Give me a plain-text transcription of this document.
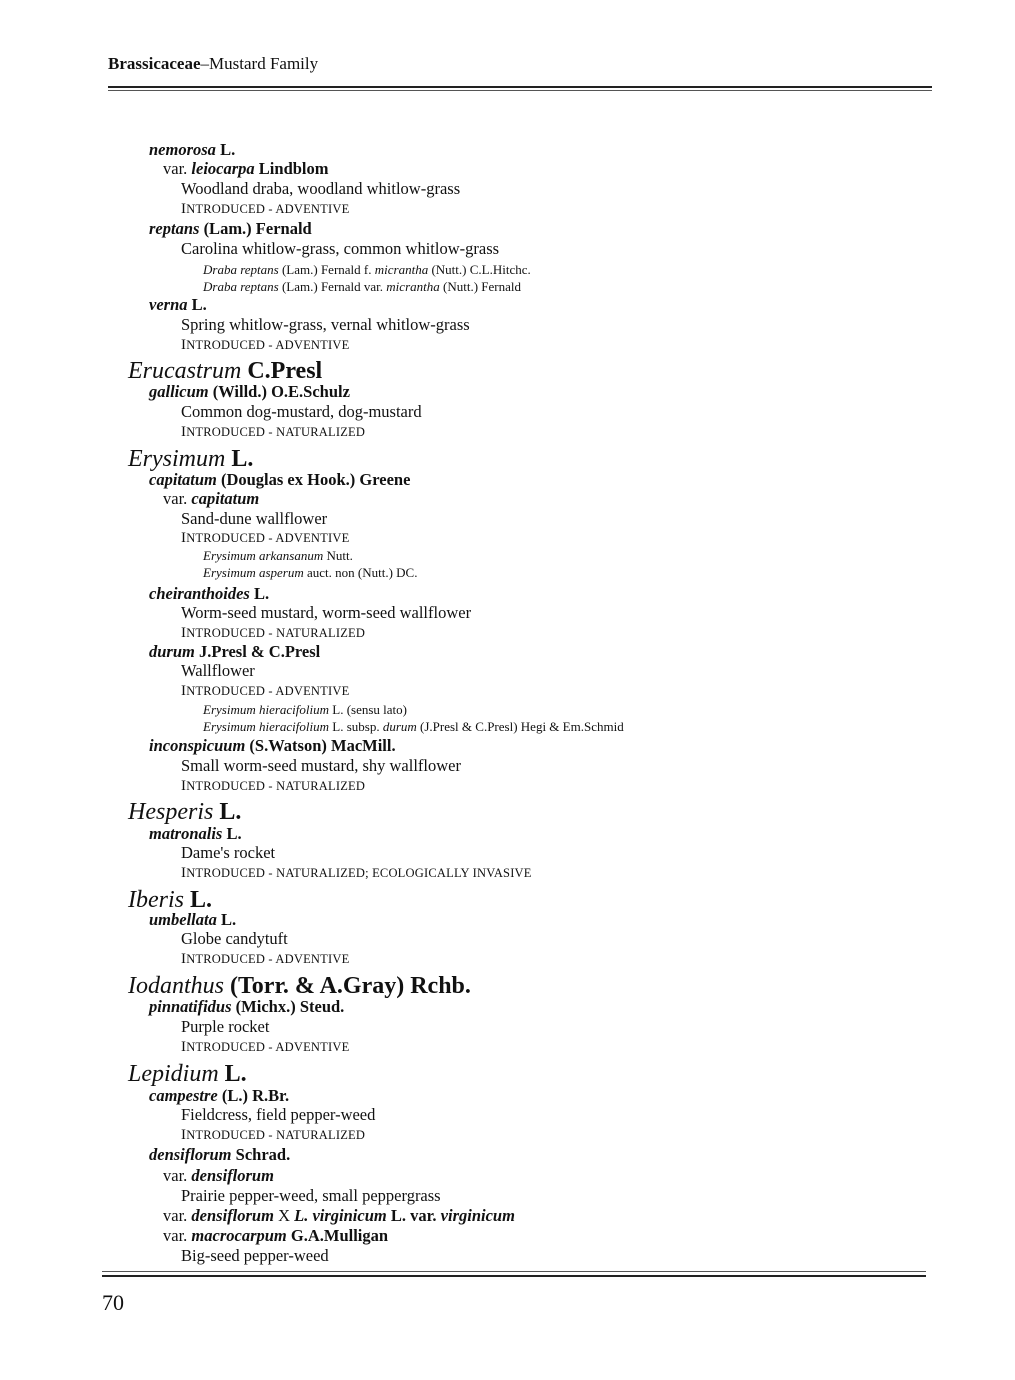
Brassicaceae–Mustard Family
nemorosa L.
var. leiocarpa Lindblom
Woodland draba, woodland whitlow-grass
INTRODUCED - ADVENTIVE
reptans (Lam.) Fernald
Carolina whitlow-grass, common whitlow-grass
Draba reptans (Lam.) Fernald f. micrantha (Nutt.) C.L.Hitchc.
Draba reptans (Lam.) Fernald var. micrantha (Nutt.) Fernald
verna L.
Spring whitlow-grass, vernal whitlow-grass
INTRODUCED - ADVENTIVE
Erucastrum C.Presl
gallicum (Willd.) O.E.Schulz
Common dog-mustard, dog-mustard
INTRODUCED - NATURALIZED
Erysimum L.
capitatum (Douglas ex Hook.) Greene
var. capitatum
Sand-dune wallflower
INTRODUCED - ADVENTIVE
Erysimum arkansanum Nutt.
Erysimum asperum auct. non (Nutt.) DC.
cheiranthoides L.
Worm-seed mustard, worm-seed wallflower
INTRODUCED - NATURALIZED
durum J.Presl & C.Presl
Wallflower
INTRODUCED - ADVENTIVE
Erysimum hieracifolium L. (sensu lato)
Erysimum hieracifolium L. subsp. durum (J.Presl & C.Presl) Hegi & Em.Schmid
inconspicuum (S.Watson) MacMill.
Small worm-seed mustard, shy wallflower
INTRODUCED - NATURALIZED
Hesperis L.
matronalis L.
Dame's rocket
INTRODUCED - NATURALIZED; ECOLOGICALLY INVASIVE
Iberis L.
umbellata L.
Globe candytuft
INTRODUCED - ADVENTIVE
Iodanthus (Torr. & A.Gray) Rchb.
pinnatifidus (Michx.) Steud.
Purple rocket
INTRODUCED - ADVENTIVE
Lepidium L.
campestre (L.) R.Br.
Fieldcress, field pepper-weed
INTRODUCED - NATURALIZED
densiflorum Schrad.
var. densiflorum
Prairie pepper-weed, small peppergrass
var. densiflorum X L. virginicum L. var. virginicum
var. macrocarpum G.A.Mulligan
Big-seed pepper-weed
70
